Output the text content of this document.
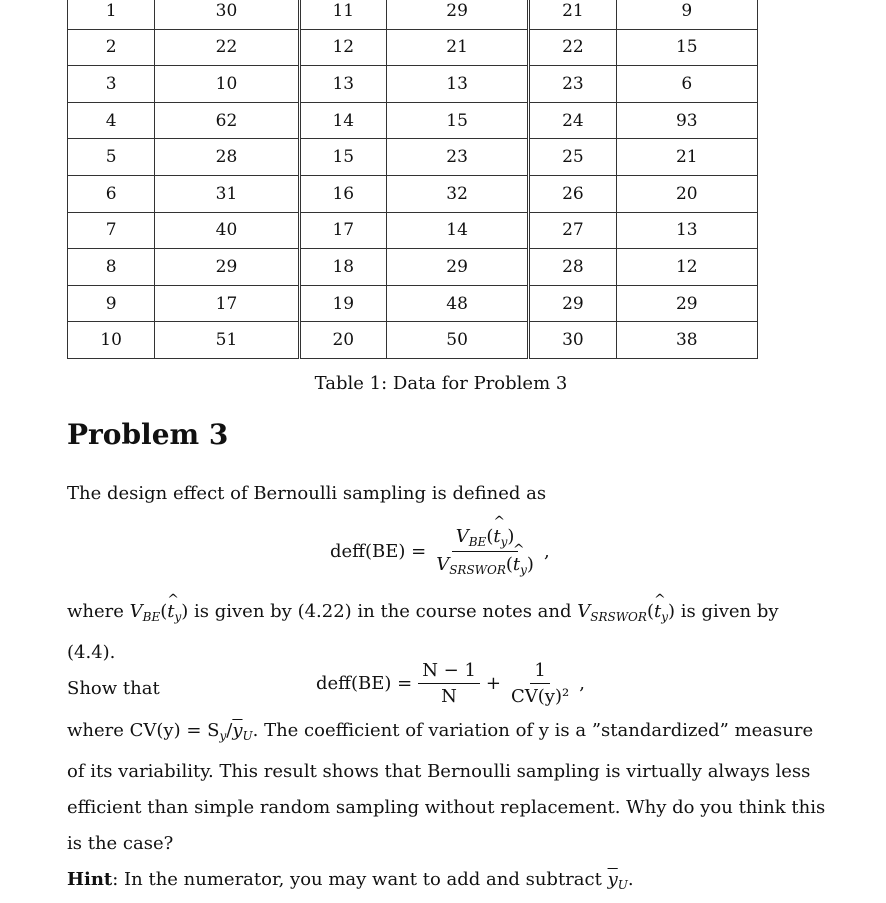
1	30	11	29	21	9
2	22	12	21	22	15
3	10	13	13	23	6
4	62	14	15	24	93
5	28	15	23	25	21
6	31	16	32	26	20
7	40	17	14	27	13
8	29	18	29	28	12
9	17	19	48	29	29
10	51	20	50	30	38
Table 1: Data for Problem 3
Problem 3

The design effect of Bernoulli sampling is defined as

deff(BE) = $\frac{V_{BE}(\^{} t_y)}{V_{SRSWOR}(\^{} t_y)}$ ,

where $V_{BE}(\^{}$ $t_y$) is given by (4.22) in the course notes and $V_{SRSWOR}(\^{}$ $t_y$) is given by (4.4).
Show that	deff(BE) = $\frac{N - 1}{N} + \frac{1}{\text{CV(y)²}}$ ,

where $CV(y) = S_y/\overline{y}_U$. The coefficient of variation of y is a ”standardized” measure of its variability. This result shows that Bernoulli sampling is virtually always less efficient than simple random sampling without replacement. Why do you think this is the case?
Hint: In the numerator, you may want to add and subtract $\overline{y}_U$.
